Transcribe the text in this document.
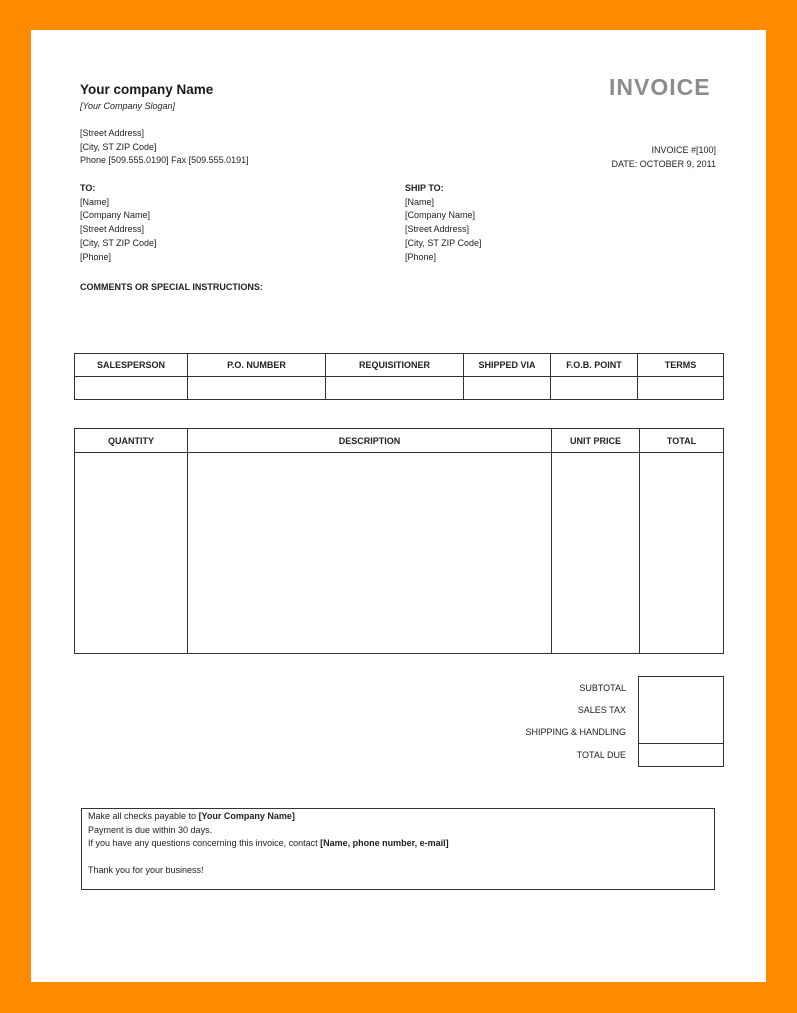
Your company Name
[Your Company Slogan]
[Street Address]
[City, ST ZIP Code]
Phone [509.555.0190] Fax [509.555.0191]
INVOICE
INVOICE #[100]
DATE: OCTOBER 9, 2011
TO:
[Name]
[Company Name]
[Street Address]
[City, ST ZIP Code]
[Phone]
SHIP TO:
[Name]
[Company Name]
[Street Address]
[City, ST ZIP Code]
[Phone]
COMMENTS OR SPECIAL INSTRUCTIONS:
SALESPERSON	P.O. NUMBER	REQUISITIONER	SHIPPED VIA	F.O.B. POINT	TERMS

QUANTITY	DESCRIPTION	UNIT PRICE	TOTAL

	SUBTOTAL	
	SALES TAX	
	SHIPPING & HANDLING	
	TOTAL DUE	
Make all checks payable to [Your Company Name]
Payment is due within 30 days.
If you have any questions concerning this invoice, contact [Name, phone number, e-mail]
Thank you for your business!
